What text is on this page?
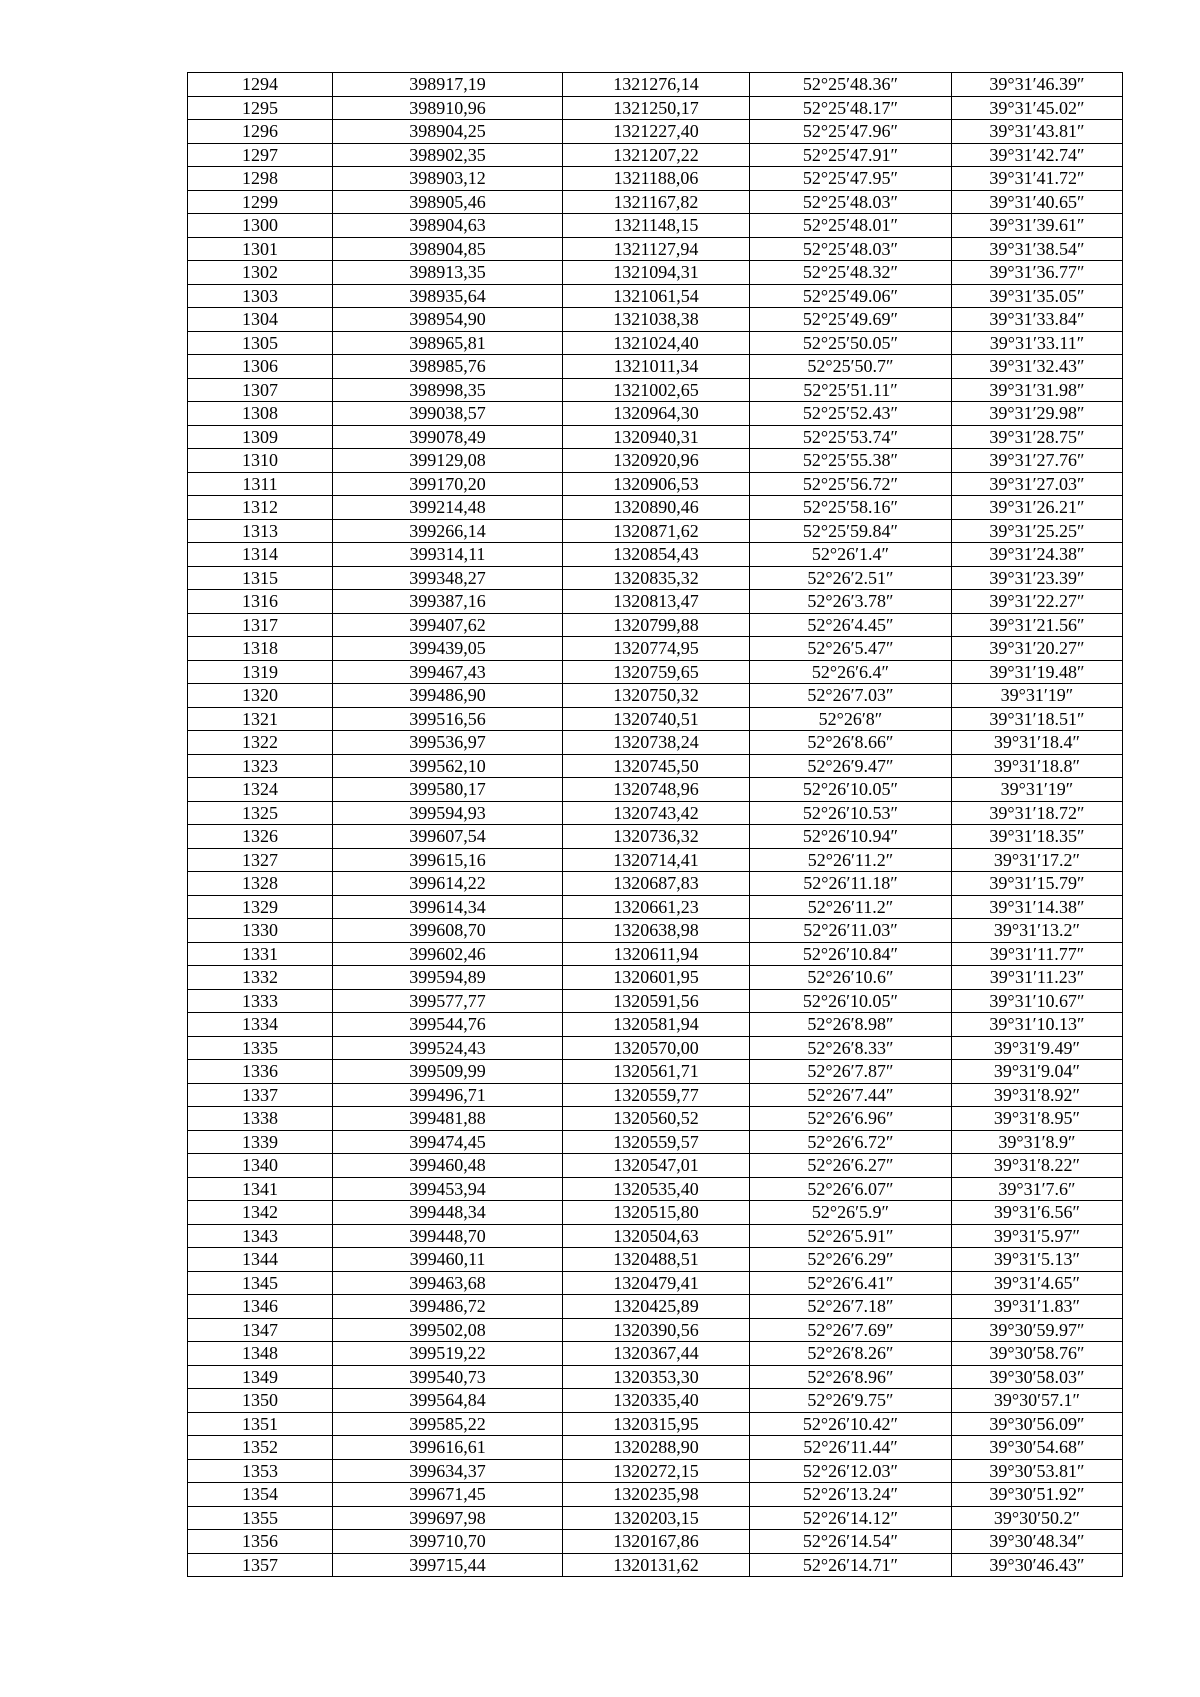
1294	398917,19	1321276,14	52°25′48.36″	39°31′46.39″
1295	398910,96	1321250,17	52°25′48.17″	39°31′45.02″
1296	398904,25	1321227,40	52°25′47.96″	39°31′43.81″
1297	398902,35	1321207,22	52°25′47.91″	39°31′42.74″
1298	398903,12	1321188,06	52°25′47.95″	39°31′41.72″
1299	398905,46	1321167,82	52°25′48.03″	39°31′40.65″
1300	398904,63	1321148,15	52°25′48.01″	39°31′39.61″
1301	398904,85	1321127,94	52°25′48.03″	39°31′38.54″
1302	398913,35	1321094,31	52°25′48.32″	39°31′36.77″
1303	398935,64	1321061,54	52°25′49.06″	39°31′35.05″
1304	398954,90	1321038,38	52°25′49.69″	39°31′33.84″
1305	398965,81	1321024,40	52°25′50.05″	39°31′33.11″
1306	398985,76	1321011,34	52°25′50.7″	39°31′32.43″
1307	398998,35	1321002,65	52°25′51.11″	39°31′31.98″
1308	399038,57	1320964,30	52°25′52.43″	39°31′29.98″
1309	399078,49	1320940,31	52°25′53.74″	39°31′28.75″
1310	399129,08	1320920,96	52°25′55.38″	39°31′27.76″
1311	399170,20	1320906,53	52°25′56.72″	39°31′27.03″
1312	399214,48	1320890,46	52°25′58.16″	39°31′26.21″
1313	399266,14	1320871,62	52°25′59.84″	39°31′25.25″
1314	399314,11	1320854,43	52°26′1.4″	39°31′24.38″
1315	399348,27	1320835,32	52°26′2.51″	39°31′23.39″
1316	399387,16	1320813,47	52°26′3.78″	39°31′22.27″
1317	399407,62	1320799,88	52°26′4.45″	39°31′21.56″
1318	399439,05	1320774,95	52°26′5.47″	39°31′20.27″
1319	399467,43	1320759,65	52°26′6.4″	39°31′19.48″
1320	399486,90	1320750,32	52°26′7.03″	39°31′19″
1321	399516,56	1320740,51	52°26′8″	39°31′18.51″
1322	399536,97	1320738,24	52°26′8.66″	39°31′18.4″
1323	399562,10	1320745,50	52°26′9.47″	39°31′18.8″
1324	399580,17	1320748,96	52°26′10.05″	39°31′19″
1325	399594,93	1320743,42	52°26′10.53″	39°31′18.72″
1326	399607,54	1320736,32	52°26′10.94″	39°31′18.35″
1327	399615,16	1320714,41	52°26′11.2″	39°31′17.2″
1328	399614,22	1320687,83	52°26′11.18″	39°31′15.79″
1329	399614,34	1320661,23	52°26′11.2″	39°31′14.38″
1330	399608,70	1320638,98	52°26′11.03″	39°31′13.2″
1331	399602,46	1320611,94	52°26′10.84″	39°31′11.77″
1332	399594,89	1320601,95	52°26′10.6″	39°31′11.23″
1333	399577,77	1320591,56	52°26′10.05″	39°31′10.67″
1334	399544,76	1320581,94	52°26′8.98″	39°31′10.13″
1335	399524,43	1320570,00	52°26′8.33″	39°31′9.49″
1336	399509,99	1320561,71	52°26′7.87″	39°31′9.04″
1337	399496,71	1320559,77	52°26′7.44″	39°31′8.92″
1338	399481,88	1320560,52	52°26′6.96″	39°31′8.95″
1339	399474,45	1320559,57	52°26′6.72″	39°31′8.9″
1340	399460,48	1320547,01	52°26′6.27″	39°31′8.22″
1341	399453,94	1320535,40	52°26′6.07″	39°31′7.6″
1342	399448,34	1320515,80	52°26′5.9″	39°31′6.56″
1343	399448,70	1320504,63	52°26′5.91″	39°31′5.97″
1344	399460,11	1320488,51	52°26′6.29″	39°31′5.13″
1345	399463,68	1320479,41	52°26′6.41″	39°31′4.65″
1346	399486,72	1320425,89	52°26′7.18″	39°31′1.83″
1347	399502,08	1320390,56	52°26′7.69″	39°30′59.97″
1348	399519,22	1320367,44	52°26′8.26″	39°30′58.76″
1349	399540,73	1320353,30	52°26′8.96″	39°30′58.03″
1350	399564,84	1320335,40	52°26′9.75″	39°30′57.1″
1351	399585,22	1320315,95	52°26′10.42″	39°30′56.09″
1352	399616,61	1320288,90	52°26′11.44″	39°30′54.68″
1353	399634,37	1320272,15	52°26′12.03″	39°30′53.81″
1354	399671,45	1320235,98	52°26′13.24″	39°30′51.92″
1355	399697,98	1320203,15	52°26′14.12″	39°30′50.2″
1356	399710,70	1320167,86	52°26′14.54″	39°30′48.34″
1357	399715,44	1320131,62	52°26′14.71″	39°30′46.43″
